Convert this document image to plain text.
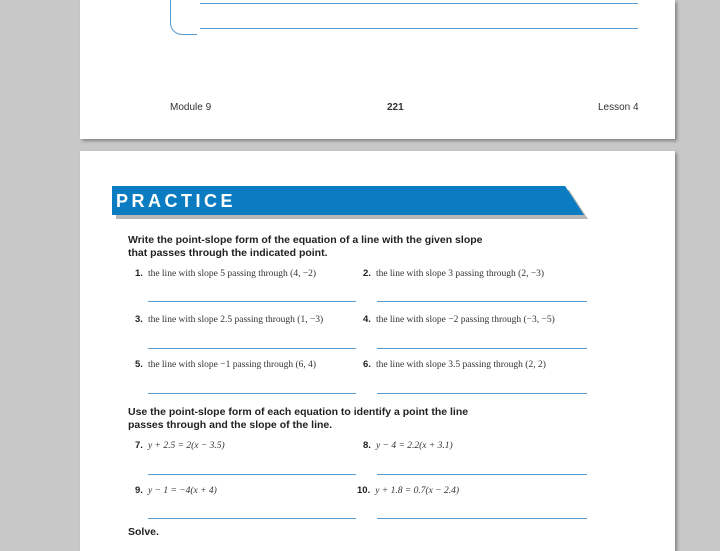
Module 9	221	Lesson 4
PRACTICE
Write the point-slope form of the equation of a line with the given slope
that passes through the indicated point.
1. the line with slope 5 passing through (4, −2)	2. the line with slope 3 passing through (2, −3)
3. the line with slope 2.5 passing through (1, −3)	4. the line with slope −2 passing through (−3, −5)
5. the line with slope −1 passing through (6, 4)	6. the line with slope 3.5 passing through (2, 2)
Use the point-slope form of each equation to identify a point the line
passes through and the slope of the line.
7. y + 2.5 = 2(x − 3.5)	8. y − 4 = 2.2(x + 3.1)
9. y − 1 = −4(x + 4)	10. y + 1.8 = 0.7(x − 2.4)
Solve.
